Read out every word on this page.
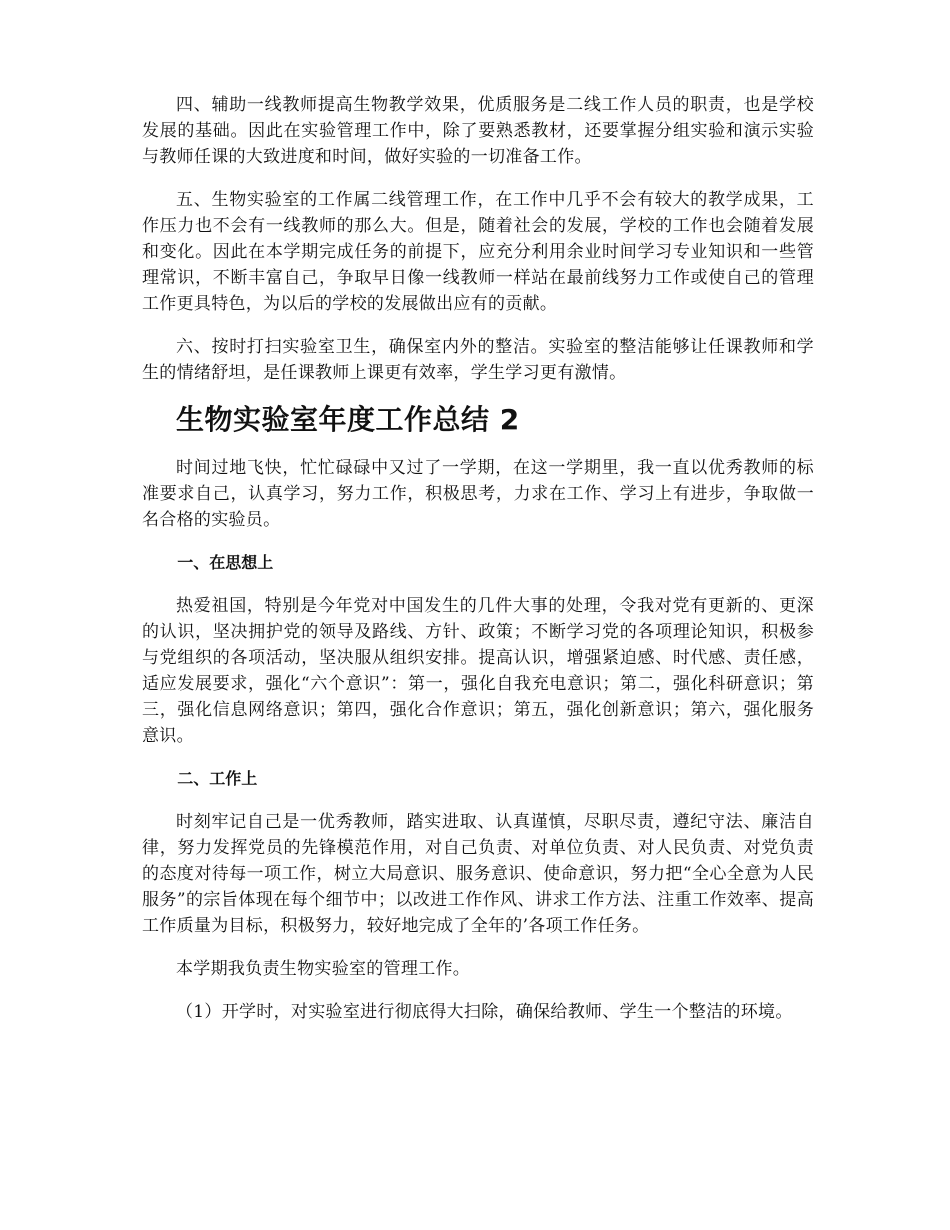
四、辅助一线教师提高生物教学效果，优质服务是二线工作人员的职责，也是学校发展的基础。因此在实验管理工作中，除了要熟悉教材，还要掌握分组实验和演示实验与教师任课的大致进度和时间，做好实验的一切准备工作。

五、生物实验室的工作属二线管理工作，在工作中几乎不会有较大的教学成果，工作压力也不会有一线教师的那么大。但是，随着社会的发展，学校的工作也会随着发展和变化。因此在本学期完成任务的前提下，应充分利用余业时间学习专业知识和一些管理常识，不断丰富自己，争取早日像一线教师一样站在最前线努力工作或使自己的管理工作更具特色，为以后的学校的发展做出应有的贡献。

六、按时打扫实验室卫生，确保室内外的整洁。实验室的整洁能够让任课教师和学生的情绪舒坦，是任课教师上课更有效率，学生学习更有激情。

生物实验室年度工作总结 2

时间过地飞快，忙忙碌碌中又过了一学期，在这一学期里，我一直以优秀教师的标准要求自己，认真学习，努力工作，积极思考，力求在工作、学习上有进步，争取做一名合格的实验员。

一、在思想上

热爱祖国，特别是今年党对中国发生的几件大事的处理，令我对党有更新的、更深的认识，坚决拥护党的领导及路线、方针、政策；不断学习党的各项理论知识，积极参与党组织的各项活动，坚决服从组织安排。提高认识，增强紧迫感、时代感、责任感，适应发展要求，强化“六个意识”：第一，强化自我充电意识；第二，强化科研意识；第三，强化信息网络意识；第四，强化合作意识；第五，强化创新意识；第六，强化服务意识。

二、工作上

时刻牢记自己是一优秀教师，踏实进取、认真谨慎，尽职尽责，遵纪守法、廉洁自律，努力发挥党员的先锋模范作用，对自己负责、对单位负责、对人民负责、对党负责的态度对待每一项工作，树立大局意识、服务意识、使命意识，努力把“全心全意为人民服务”的宗旨体现在每个细节中；以改进工作作风、讲求工作方法、注重工作效率、提高工作质量为目标，积极努力，较好地完成了全年的’各项工作任务。

本学期我负责生物实验室的管理工作。

（1）开学时，对实验室进行彻底得大扫除，确保给教师、学生一个整洁的环境。
